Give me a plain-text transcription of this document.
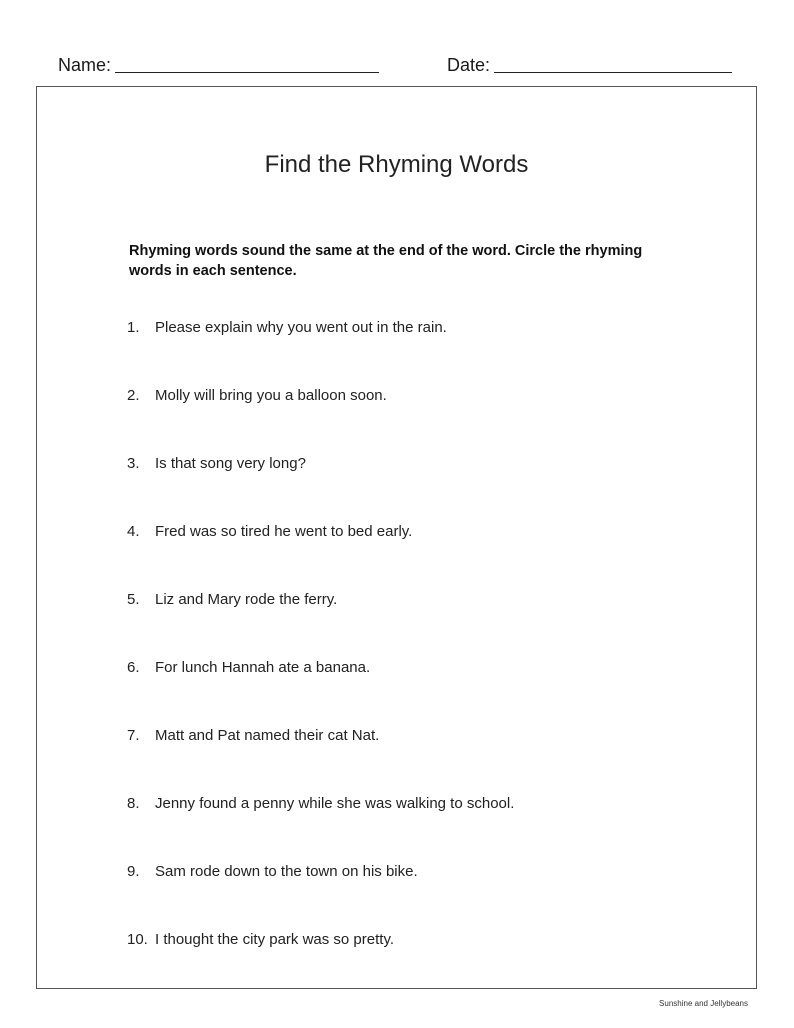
Name:	Date:
Find the Rhyming Words
Rhyming words sound the same at the end of the word. Circle the rhyming words in each sentence.
1.	Please explain why you went out in the rain.
2.	Molly will bring you a balloon soon.
3.	Is that song very long?
4.	Fred was so tired he went to bed early.
5.	Liz and Mary rode the ferry.
6.	For lunch Hannah ate a banana.
7.	Matt and Pat named their cat Nat.
8.	Jenny found a penny while she was walking to school.
9.	Sam rode down to the town on his bike.
10. I thought the city park was so pretty.
Sunshine and Jellybeans
